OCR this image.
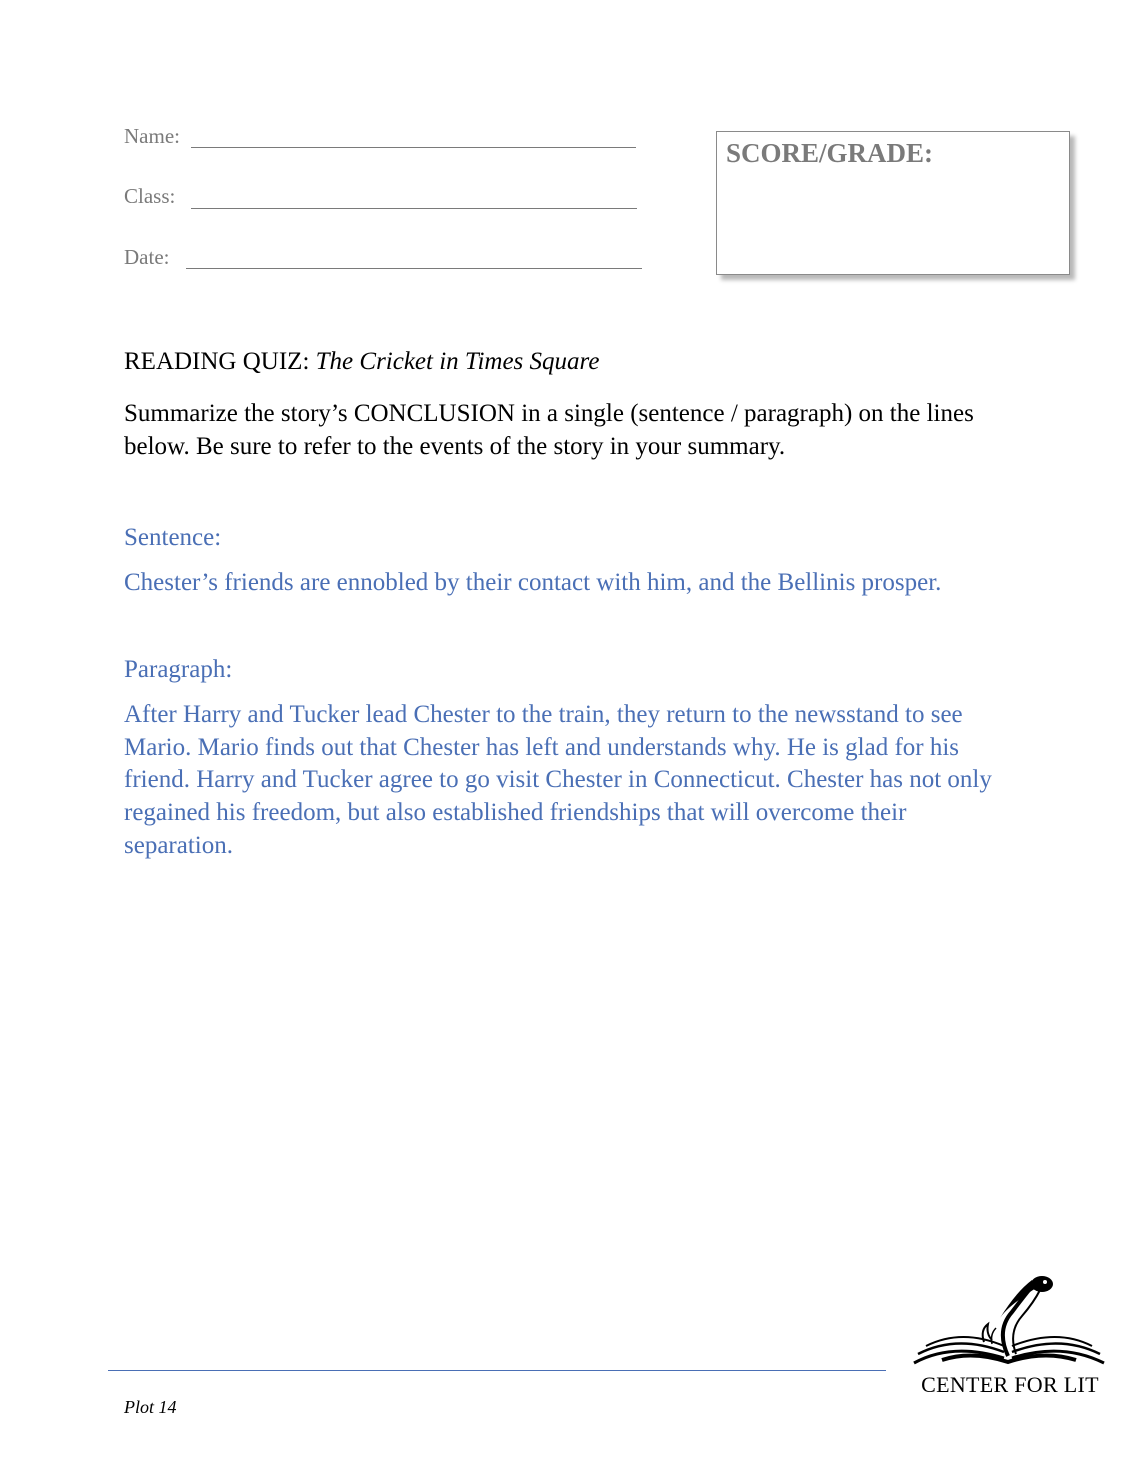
Name:
Class:
Date:
SCORE/GRADE:
READING QUIZ: The Cricket in Times Square
Summarize the story’s CONCLUSION in a single (sentence / paragraph) on the lines below. Be sure to refer to the events of the story in your summary.
Sentence:
Chester’s friends are ennobled by their contact with him, and the Bellinis prosper.
Paragraph:
After Harry and Tucker lead Chester to the train, they return to the newsstand to see Mario. Mario finds out that Chester has left and understands why. He is glad for his friend. Harry and Tucker agree to go visit Chester in Connecticut. Chester has not only regained his freedom, but also established friendships that will overcome their separation.
Plot 14
CENTER FOR LIT
